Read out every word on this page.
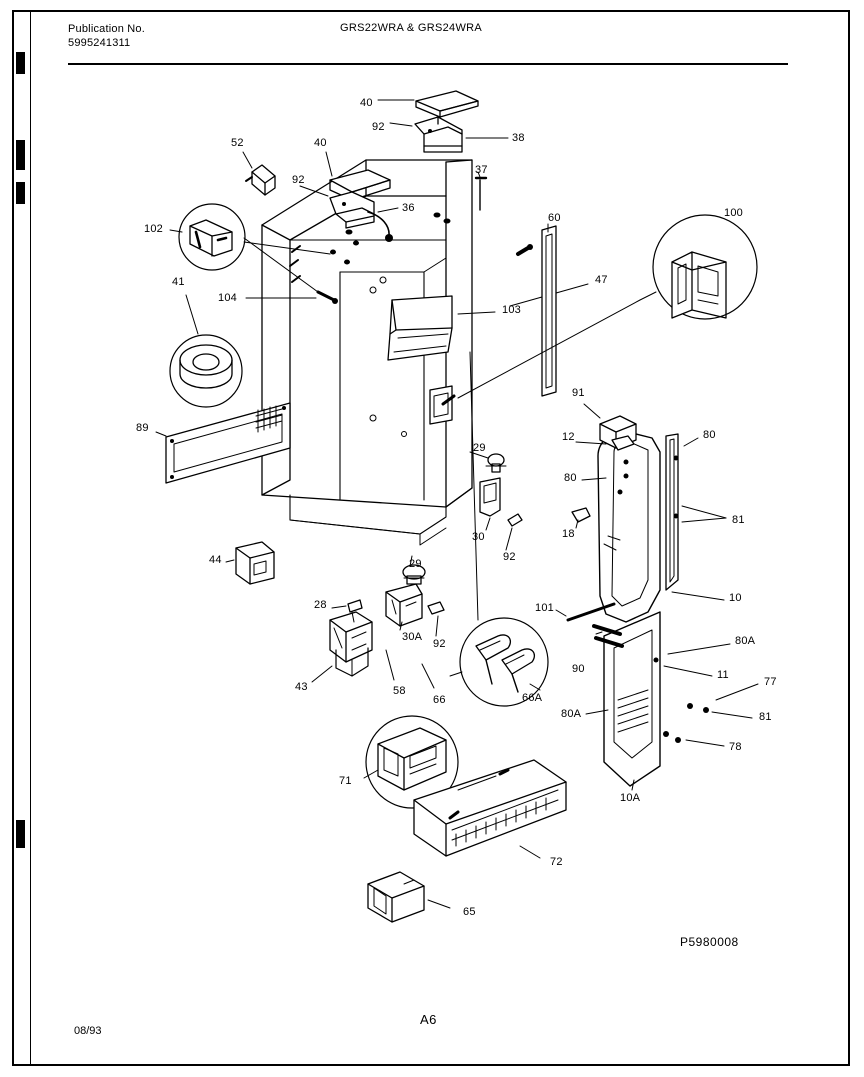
Publication No.
5995241311
GRS22WRA & GRS24WRA
P5980008
08/93
A6
40
92
38
52	40
92
37
36
60	100
102
47
41
104
103
91
80
12
89
80
29
81
18
30
92
29
44
10
101
28
30A
92	80A
90	11
77
43	58
66	66A
81
80A
78
71
10A
72
65
